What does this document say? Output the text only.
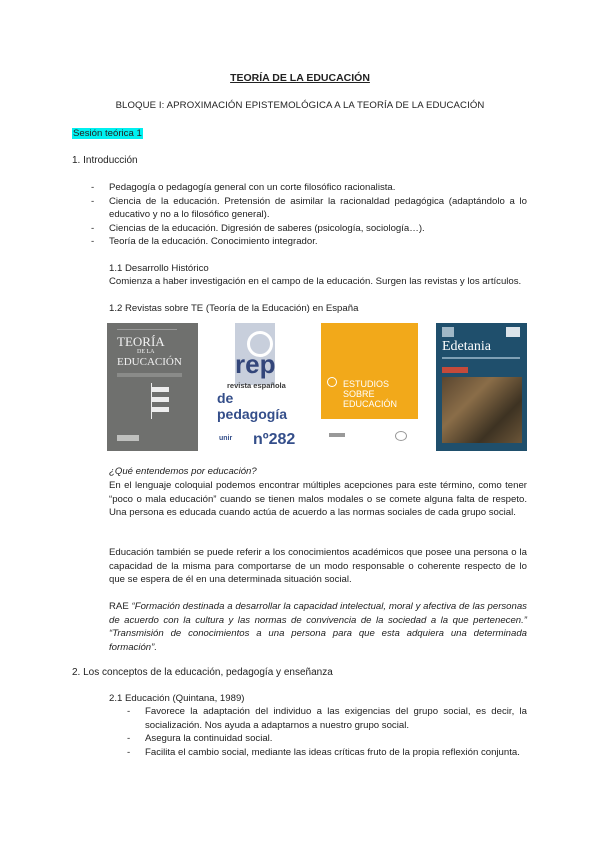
TEORÍA DE LA EDUCACIÓN
BLOQUE I: APROXIMACIÓN EPISTEMOLÓGICA A LA TEORÍA DE LA EDUCACIÓN
Sesión teórica 1
1. Introducción
- Pedagogía o pedagogía general con un corte filosófico racionalista.
- Ciencia de la educación. Pretensión de asimilar la racionaldad pedagógica (adaptándolo a lo educativo y no a lo filosófico general).
- Ciencias de la educación. Digresión de saberes (psicología, sociología…).
- Teoría de la educación. Conocimiento integrador.
1.1 Desarrollo Histórico
Comienza a haber investigación en el campo de la educación. Surgen las revistas y los artículos.
1.2 Revistas sobre TE (Teoría de la Educación) en España
TEORÍA
DE LA
EDUCACIÓN rep
revista española
de pedagogía
nº282
unir
ESTUDIOS
SOBRE
EDUCACIÓN
Edetania
¿Qué entendemos por educación?
En el lenguaje coloquial podemos encontrar múltiples acepciones para este término, como tener “poco o mala educación” cuando se tienen malos modales o se comete alguna falta de respeto. Una persona es educada cuando actúa de acuerdo a las normas sociales de cada grupo social.
Educación también se puede referir a los conocimientos académicos que posee una persona o la capacidad de la misma para comportarse de un modo responsable o coherente respecto de lo que se espera de él en una determinada situación social.
RAE “Formación destinada a desarrollar la capacidad intelectual, moral y afectiva de las personas de acuerdo con la cultura y las normas de convivencia de la sociedad a la que pertenecen.” “Transmisión de conocimientos a una persona para que esta adquiera una determinada formación”.
2. Los conceptos de la educación, pedagogía y enseñanza
2.1 Educación (Quintana, 1989)
- Favorece la adaptación del individuo a las exigencias del grupo social, es decir, la socialización. Nos ayuda a adaptarnos a nuestro grupo social.
- Asegura la continuidad social.
- Facilita el cambio social, mediante las ideas críticas fruto de la propia reflexión conjunta.
